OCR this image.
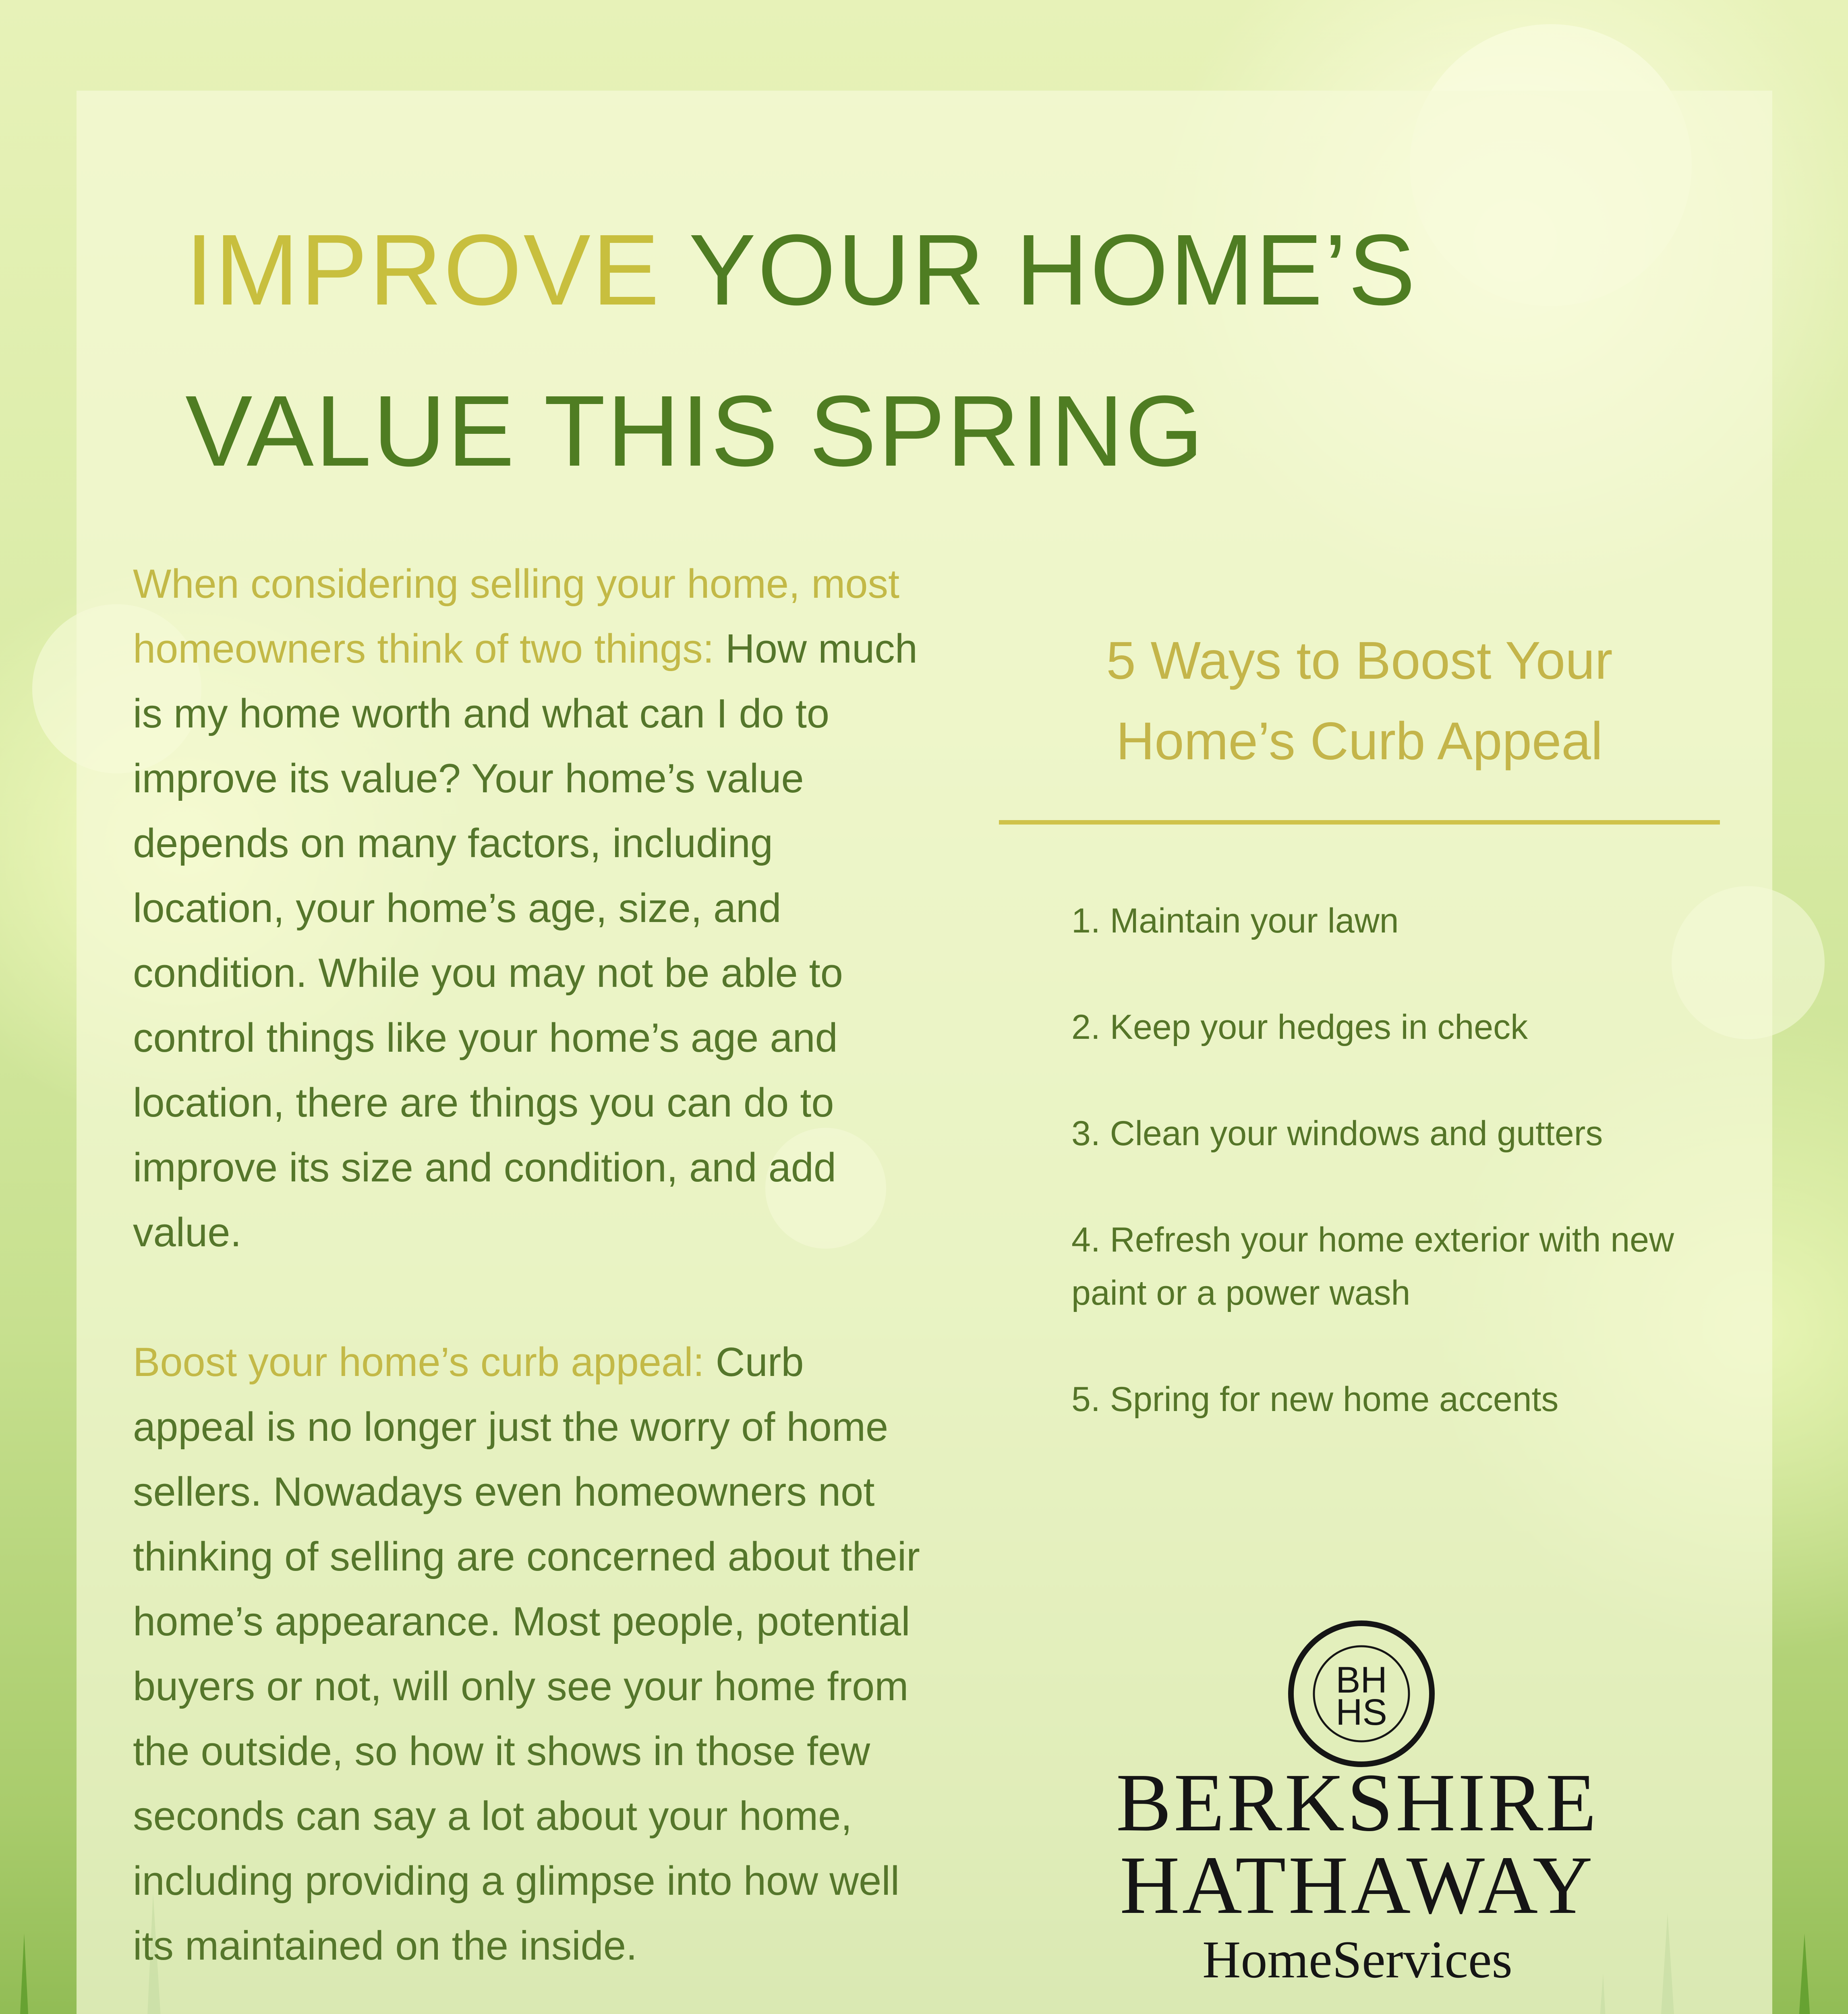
IMPROVE YOUR HOME’S
VALUE THIS SPRING

When considering selling your home, most homeowners think of two things: How much is my home worth and what can I do to improve its value? Your home’s value depends on many factors, including location, your home’s age, size, and condition. While you may not be able to control things like your home’s age and location, there are things you can do to improve its size and condition, and add value.

Boost your home’s curb appeal: Curb appeal is no longer just the worry of home sellers. Nowadays even homeowners not thinking of selling are concerned about their home’s appearance. Most people, potential buyers or not, will only see your home from the outside, so how it shows in those few seconds can say a lot about your home, including providing a glimpse into how well its maintained on the inside.

5 Ways to Boost Your
Home’s Curb Appeal
1. Maintain your lawn
2. Keep your hedges in check
3. Clean your windows and gutters
4. Refresh your home exterior with new paint or a power wash
5. Spring for new home accents
BH
HS
BERKSHIRE
HATHAWAY
HomeServices
